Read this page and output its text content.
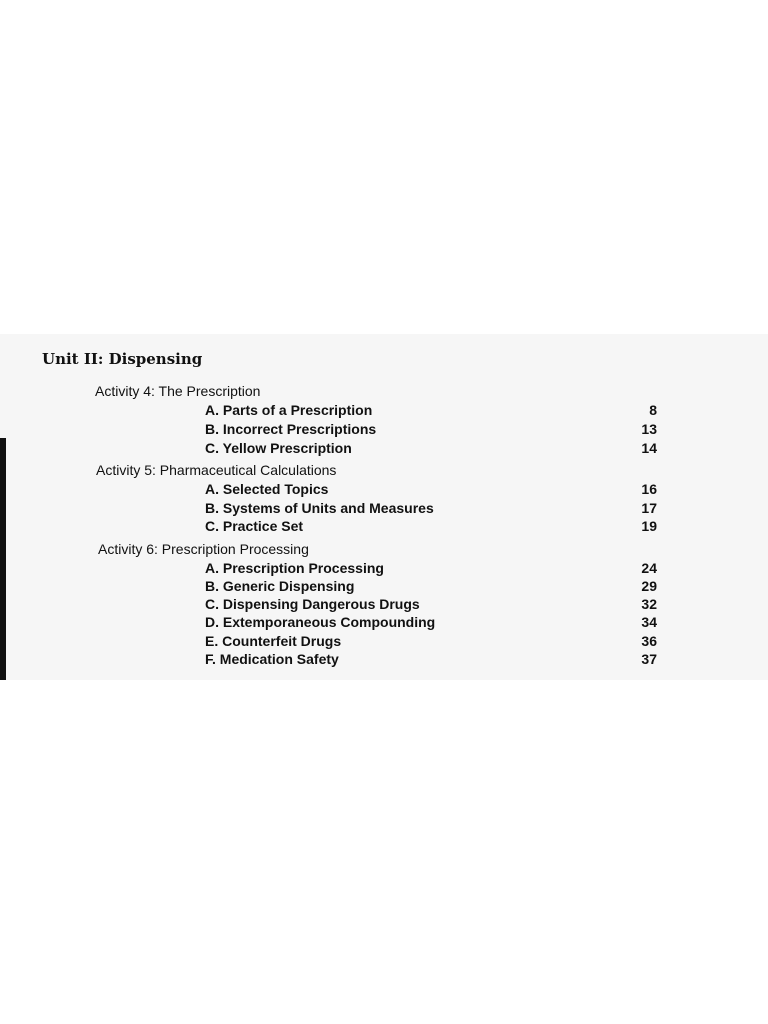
Unit II: Dispensing
Activity 4: The Prescription
A. Parts of a Prescription	8
B. Incorrect Prescriptions	13
C. Yellow Prescription	14
Activity 5: Pharmaceutical Calculations
A. Selected Topics	16
B. Systems of Units and Measures	17
C. Practice Set	19
Activity 6: Prescription Processing
A. Prescription Processing	24
B. Generic Dispensing	29
C. Dispensing Dangerous Drugs	32
D. Extemporaneous Compounding	34
E. Counterfeit Drugs	36
F. Medication Safety	37
